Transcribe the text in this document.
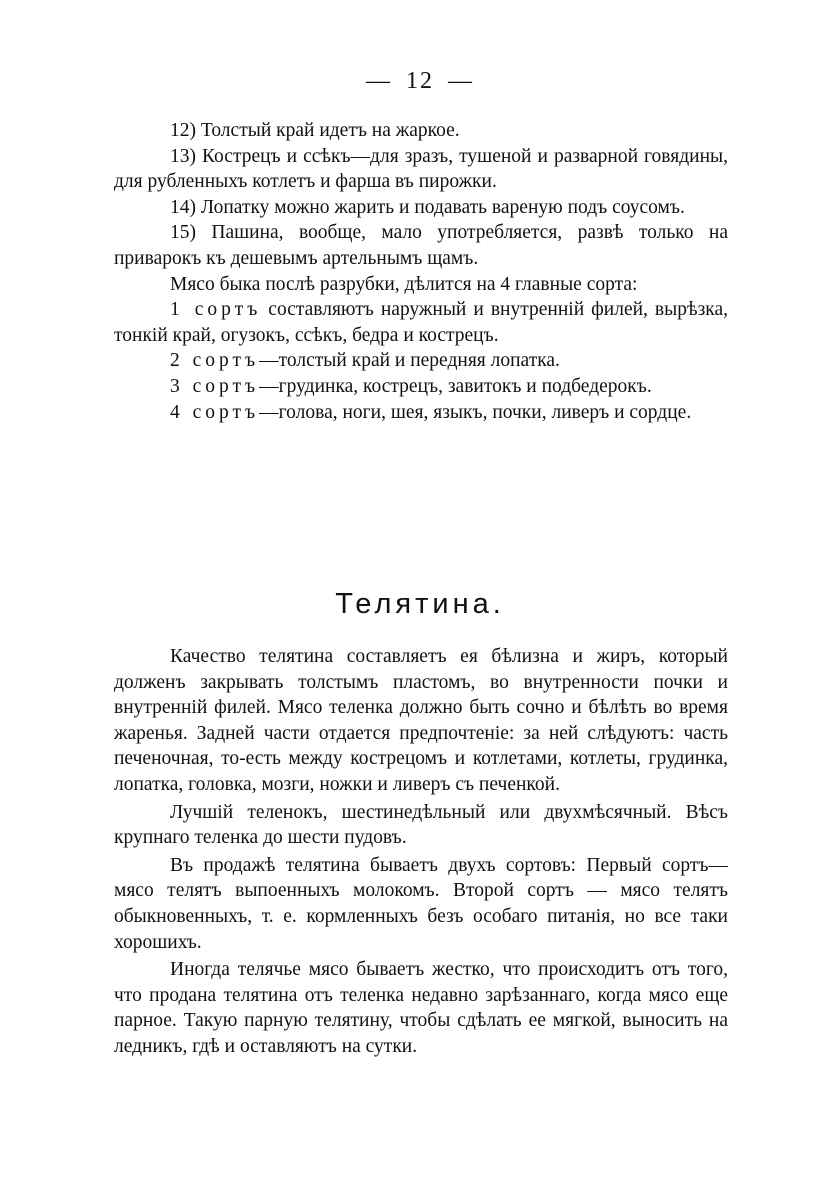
— 12 —

12) Толстый край идетъ на жаркое.

13) Кострецъ и ссѣкъ—для зразъ, тушеной и разварной говядины, для рубленныхъ котлетъ и фарша въ пирожки.

14) Лопатку можно жарить и подавать вареную подъ соусомъ.

15) Пашина, вообще, мало употребляется, развѣ только на приварокъ къ дешевымъ артельнымъ щамъ.

Мясо быка послѣ разрубки, дѣлится на 4 главные сорта:

1 сортъ составляютъ наружный и внутреннiй филей, вырѣзка, тонкiй край, огузокъ, ссѣкъ, бедра и кострецъ.

2 сортъ—толстый край и передняя лопатка.

3 сортъ—грудинка, кострецъ, завитокъ и подбедерокъ.

4 сортъ—голова, ноги, шея, языкъ, почки, ливеръ и сордце.

Телятина.

Качество телятина составляетъ ея бѣлизна и жиръ, который долженъ закрывать толстымъ пластомъ, во внутренности почки и внутреннiй филей. Мясо теленка должно быть сочно и бѣлѣть во время жаренья. Задней части отдается предпочтенiе: за ней слѣдуютъ: часть печеночная, то-есть между кострецомъ и котлетами, котлеты, грудинка, лопатка, головка, мозги, ножки и ливеръ съ печенкой.

Лучшiй теленокъ, шестинедѣльный или двухмѣсячный. Вѣсъ крупнаго теленка до шести пудовъ.

Въ продажѣ телятина бываетъ двухъ сортовъ: Первый сортъ—мясо телятъ выпоенныхъ молокомъ. Второй сортъ — мясо телятъ обыкновенныхъ, т. е. кормленныхъ безъ особаго питанiя, но все таки хорошихъ.

Иногда телячье мясо бываетъ жестко, что происходитъ отъ того, что продана телятина отъ теленка недавно зарѣзаннаго, когда мясо еще парное. Такую парную телятину, чтобы сдѣлать ее мягкой, выносить на ледникъ, гдѣ и оставляютъ на сутки.
